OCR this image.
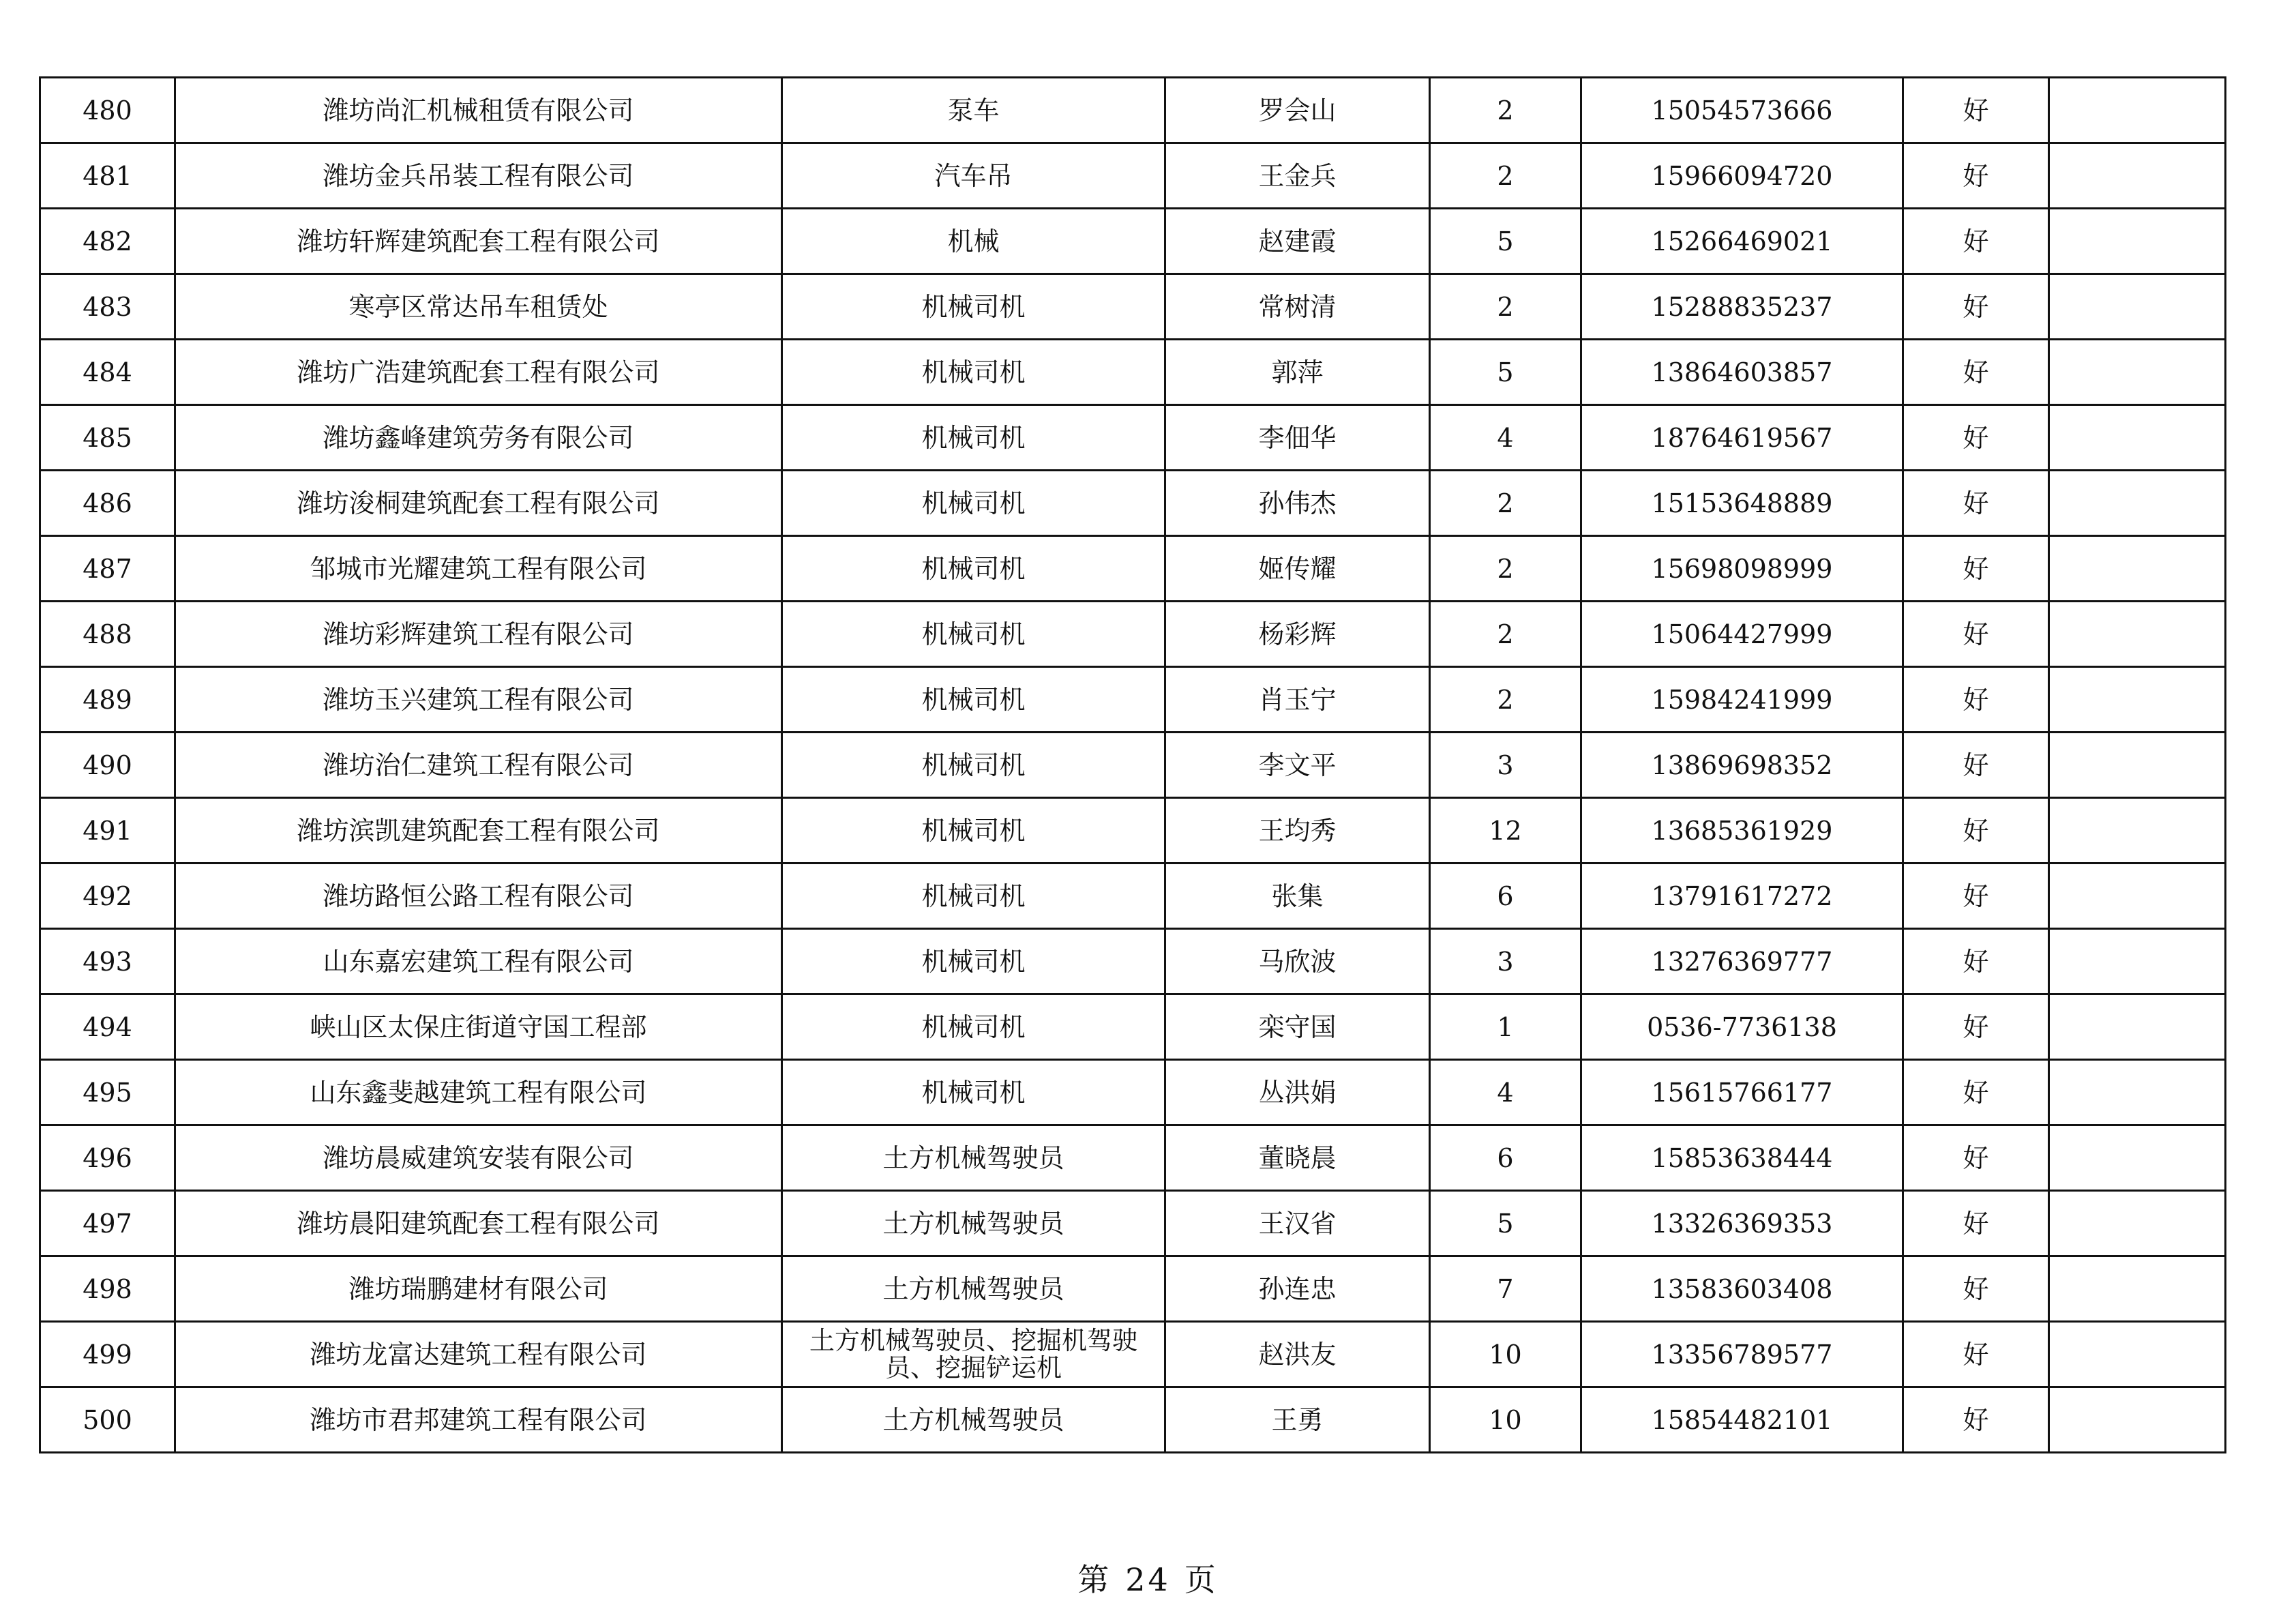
480	潍坊尚汇机械租赁有限公司	泵车	罗会山	2	15054573666	好	
481	潍坊金兵吊装工程有限公司	汽车吊	王金兵	2	15966094720	好	
482	潍坊轩辉建筑配套工程有限公司	机械	赵建霞	5	15266469021	好	
483	寒亭区常达吊车租赁处	机械司机	常树清	2	15288835237	好	
484	潍坊广浩建筑配套工程有限公司	机械司机	郭萍	5	13864603857	好	
485	潍坊鑫峰建筑劳务有限公司	机械司机	李佃华	4	18764619567	好	
486	潍坊浚桐建筑配套工程有限公司	机械司机	孙伟杰	2	15153648889	好	
487	邹城市光耀建筑工程有限公司	机械司机	姬传耀	2	15698098999	好	
488	潍坊彩辉建筑工程有限公司	机械司机	杨彩辉	2	15064427999	好	
489	潍坊玉兴建筑工程有限公司	机械司机	肖玉宁	2	15984241999	好	
490	潍坊治仁建筑工程有限公司	机械司机	李文平	3	13869698352	好	
491	潍坊滨凯建筑配套工程有限公司	机械司机	王均秀	12	13685361929	好	
492	潍坊路恒公路工程有限公司	机械司机	张集	6	13791617272	好	
493	山东嘉宏建筑工程有限公司	机械司机	马欣波	3	13276369777	好	
494	峡山区太保庄街道守国工程部	机械司机	栾守国	1	0536-7736138	好	
495	山东鑫斐越建筑工程有限公司	机械司机	丛洪娟	4	15615766177	好	
496	潍坊晨威建筑安装有限公司	土方机械驾驶员	董晓晨	6	15853638444	好	
497	潍坊晨阳建筑配套工程有限公司	土方机械驾驶员	王汉省	5	13326369353	好	
498	潍坊瑞鹏建材有限公司	土方机械驾驶员	孙连忠	7	13583603408	好	
499	潍坊龙富达建筑工程有限公司	土方机械驾驶员、挖掘机驾驶员、挖掘铲运机	赵洪友	10	13356789577	好	
500	潍坊市君邦建筑工程有限公司	土方机械驾驶员	王勇	10	15854482101	好	
第 24 页
